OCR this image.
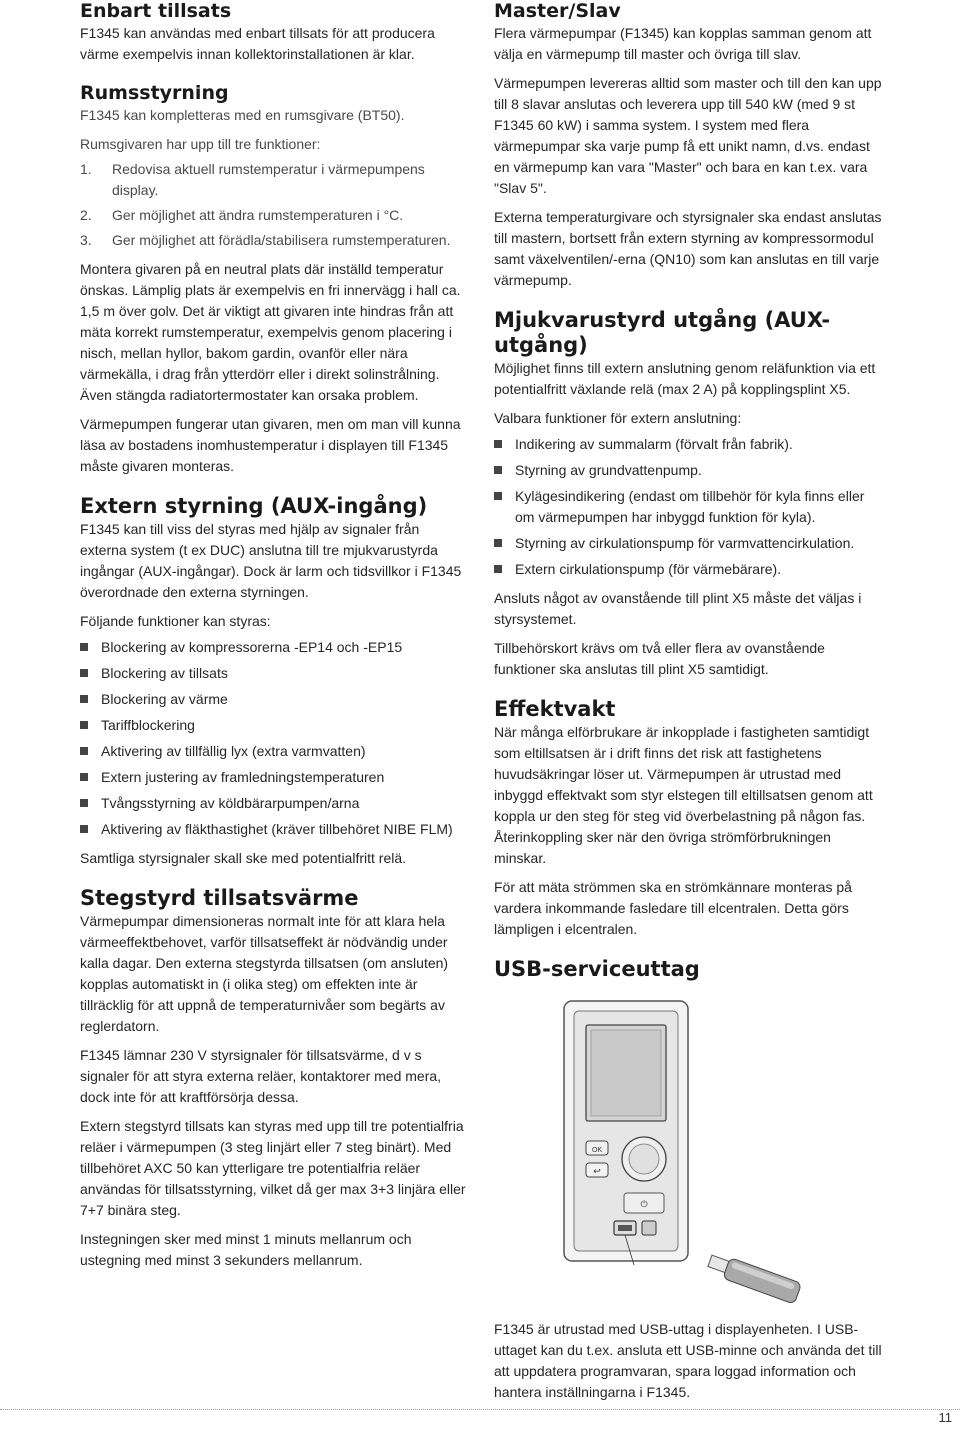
Enbart tillsats

F1345 kan användas med enbart tillsats för att producera värme exempelvis innan kollektorinstallationen är klar.

Rumsstyrning

F1345 kan kompletteras med en rumsgivare (BT50).

Rumsgivaren har upp till tre funktioner:

1. Redovisa aktuell rumstemperatur i värmepumpens display.
2. Ger möjlighet att ändra rumstemperaturen i °C.
3. Ger möjlighet att förädla/stabilisera rumstemperaturen.

Montera givaren på en neutral plats där inställd temperatur önskas. Lämplig plats är exempelvis en fri innervägg i hall ca. 1,5 m över golv. Det är viktigt att givaren inte hindras från att mäta korrekt rumstemperatur, exempelvis genom placering i nisch, mellan hyllor, bakom gardin, ovanför eller nära värmekälla, i drag från ytterdörr eller i direkt solinstrålning. Även stängda radiatortermostater kan orsaka problem.

Värmepumpen fungerar utan givaren, men om man vill kunna läsa av bostadens inomhustemperatur i displayen till F1345 måste givaren monteras.

Extern styrning (AUX-ingång)

F1345 kan till viss del styras med hjälp av signaler från externa system (t ex DUC) anslutna till tre mjukvarustyrda ingångar (AUX-ingångar). Dock är larm och tidsvillkor i F1345 överordnade den externa styrningen.

Följande funktioner kan styras:

Blockering av kompressorerna -EP14 och -EP15
Blockering av tillsats
Blockering av värme
Tariffblockering
Aktivering av tillfällig lyx (extra varmvatten)
Extern justering av framledningstemperaturen
Tvångsstyrning av köldbärarpumpen/arna
Aktivering av fläkthastighet (kräver tillbehöret NIBE FLM)

Samtliga styrsignaler skall ske med potentialfritt relä.

Stegstyrd tillsatsvärme

Värmepumpar dimensioneras normalt inte för att klara hela värmeeffektbehovet, varför tillsatseffekt är nödvändig under kalla dagar. Den externa stegstyrda tillsatsen (om ansluten) kopplas automatiskt in (i olika steg) om effekten inte är tillräcklig för att uppnå de temperaturnivåer som begärts av reglerdatorn.

F1345 lämnar 230 V styrsignaler för tillsatsvärme, d v s signaler för att styra externa reläer, kontaktorer med mera, dock inte för att kraftförsörja dessa.

Extern stegstyrd tillsats kan styras med upp till tre potentialfria reläer i värmepumpen (3 steg linjärt eller 7 steg binärt). Med tillbehöret AXC 50 kan ytterligare tre potentialfria reläer användas för tillsatsstyrning, vilket då ger max 3+3 linjära eller 7+7 binära steg.

Instegningen sker med minst 1 minuts mellanrum och ustegning med minst 3 sekunders mellanrum.

Master/Slav

Flera värmepumpar (F1345) kan kopplas samman genom att välja en värmepump till master och övriga till slav.

Värmepumpen levereras alltid som master och till den kan upp till 8 slavar anslutas och leverera upp till 540 kW (med 9 st F1345 60 kW) i samma system. I system med flera värmepumpar ska varje pump få ett unikt namn, d.vs. endast en värmepump kan vara "Master" och bara en kan t.ex. vara "Slav 5".

Externa temperaturgivare och styrsignaler ska endast anslutas till mastern, bortsett från extern styrning av kompressormodul samt växelventilen/-erna (QN10) som kan anslutas en till varje värmepump.

Mjukvarustyrd utgång (AUX-utgång)

Möjlighet finns till extern anslutning genom reläfunktion via ett potentialfritt växlande relä (max 2 A) på kopplingsplint X5.

Valbara funktioner för extern anslutning:

Indikering av summalarm (förvalt från fabrik).
Styrning av grundvattenpump.
Kylägesindikering (endast om tillbehör för kyla finns eller om värmepumpen har inbyggd funktion för kyla).
Styrning av cirkulationspump för varmvattencirkulation.
Extern cirkulationspump (för värmebärare).

Ansluts något av ovanstående till plint X5 måste det väljas i styrsystemet.

Tillbehörskort krävs om två eller flera av ovanstående funktioner ska anslutas till plint X5 samtidigt.

Effektvakt

När många elförbrukare är inkopplade i fastigheten samtidigt som eltillsatsen är i drift finns det risk att fastighetens huvudsäkringar löser ut. Värmepumpen är utrustad med inbyggd effektvakt som styr elstegen till eltillsatsen genom att koppla ur den steg för steg vid överbelastning på någon fas. Återinkoppling sker när den övriga strömförbrukningen minskar.

För att mäta strömmen ska en strömkännare monteras på vardera inkommande fasledare till elcentralen. Detta görs lämpligen i elcentralen.

USB-serviceuttag
OK
↩
⏻

F1345 är utrustad med USB-uttag i displayenheten. I USB-uttaget kan du t.ex. ansluta ett USB-minne och använda det till att uppdatera programvaran, spara loggad information och hantera inställningarna i F1345.

11
